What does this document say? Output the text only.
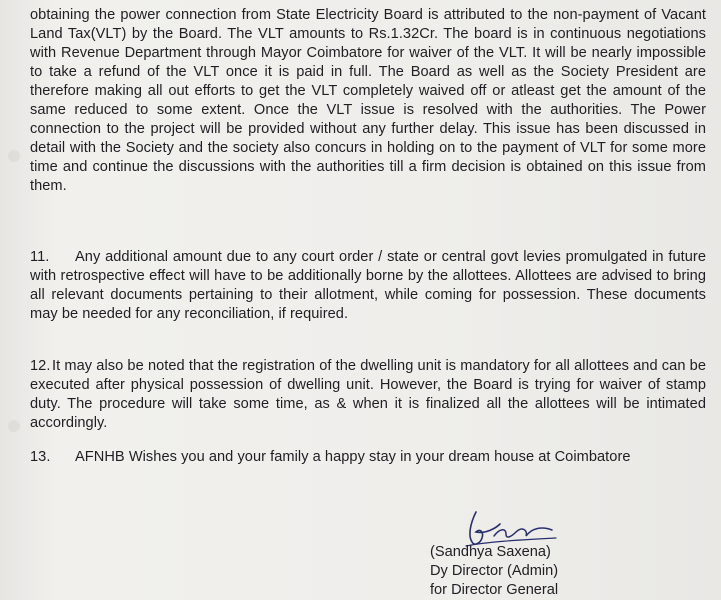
obtaining the power connection from State Electricity Board is attributed to the non-payment of Vacant Land Tax(VLT) by the Board. The VLT amounts to Rs.1.32Cr. The board is in continuous negotiations with Revenue Department through Mayor Coimbatore for waiver of the VLT. It will be nearly impossible to take a refund of the VLT once it is paid in full. The Board as well as the Society President are therefore making all out efforts to get the VLT completely waived off or atleast get the amount of the same reduced to some extent. Once the VLT issue is resolved with the authorities. The Power connection to the project will be provided without any further delay. This issue has been discussed in detail with the Society and the society also concurs in holding on to the payment of VLT for some more time and continue the discussions with the authorities till a firm decision is obtained on this issue from them.

11. Any additional amount due to any court order / state or central govt levies promulgated in future with retrospective effect will have to be additionally borne by the allottees. Allottees are advised to bring all relevant documents pertaining to their allotment, while coming for possession. These documents may be needed for any reconciliation, if required.

12. It may also be noted that the registration of the dwelling unit is mandatory for all allottees and can be executed after physical possession of dwelling unit. However, the Board is trying for waiver of stamp duty. The procedure will take some time, as & when it is finalized all the allottees will be intimated accordingly.

13. AFNHB Wishes you and your family a happy stay in your dream house at Coimbatore

(Sandhya Saxena)
Dy Director (Admin)
for Director General
